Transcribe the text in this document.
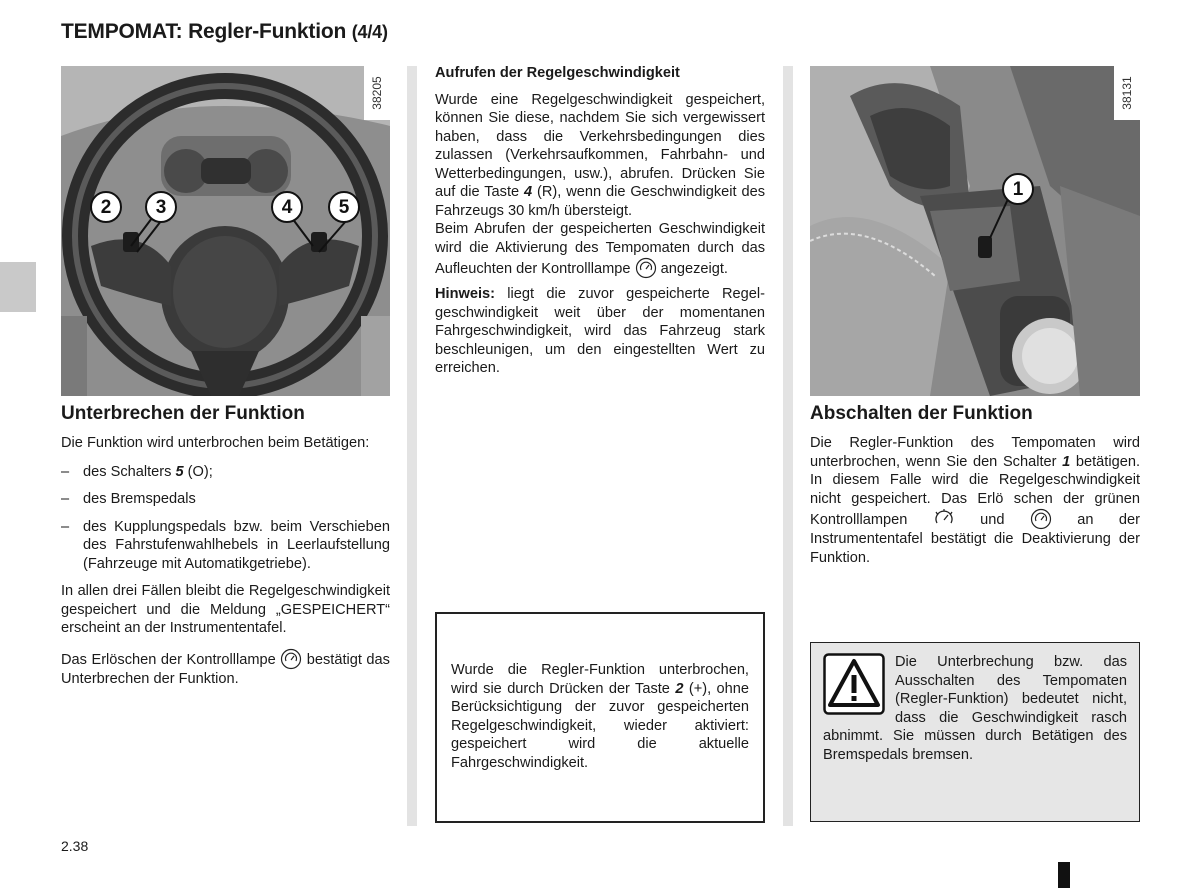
TEMPOMAT: Regler-Funktion (4/4)
38205
2	3	4	5
Unterbrechen der Funktion

Die Funktion wird unterbrochen beim Betätigen:

– des Schalters 5 (O);
– des Bremspedals
– des Kupplungspedals bzw. beim Verschieben des Fahrstufenwahlhebels in Leerlaufstellung (Fahrzeuge mit Automatikgetriebe).

In allen drei Fällen bleibt die Regelgeschwindigkeit gespeichert und die Meldung „GESPEICHERT“ erscheint an der Instrumententafel.

Das Erlöschen der Kontrolllampe bestätigt das Unterbrechen der Funktion.

Aufrufen der Regelgeschwindigkeit

Wurde eine Regelgeschwindigkeit gespeichert, können Sie diese, nachdem Sie sich vergewissert haben, dass die Verkehrsbedingungen dies zulassen (Verkehrsaufkommen, Fahrbahn- und Wetterbedingungen, usw.), abrufen. Drücken Sie auf die Taste 4 (R), wenn die Geschwindigkeit des Fahrzeugs 30 km/h übersteigt.

Beim Abrufen der gespeicherten Geschwindigkeit wird die Aktivierung des Tempomaten durch das Aufleuchten der Kontrolllampe angezeigt.

Hinweis: liegt die zuvor gespeicherte Regelgeschwindigkeit weit über der momentanen Fahrgeschwindigkeit, wird das Fahrzeug stark beschleunigen, um den eingestellten Wert zu erreichen.

Wurde die Regler-Funktion unterbrochen, wird sie durch Drücken der Taste 2 (+), ohne Berücksichtigung der zuvor gespeicherten Regelgeschwindigkeit, wieder aktiviert: gespeichert wird die aktuelle Fahrgeschwindigkeit.
38131
1
Abschalten der Funktion

Die Regler-Funktion des Tempomaten wird unterbrochen, wenn Sie den Schalter 1 betätigen. In diesem Falle wird die Regelgeschwindigkeit nicht gespeichert. Das Erlö schen der grünen Kontrolllampen	und	an der Instrumententafel bestätigt die Deaktivierung der Funktion.

Die Unterbrechung bzw. das Ausschalten des Tempomaten (Regler-Funktion) bedeutet nicht, dass die Geschwindigkeit rasch abnimmt. Sie müssen durch Betätigen des Bremspedals bremsen.
2.38
